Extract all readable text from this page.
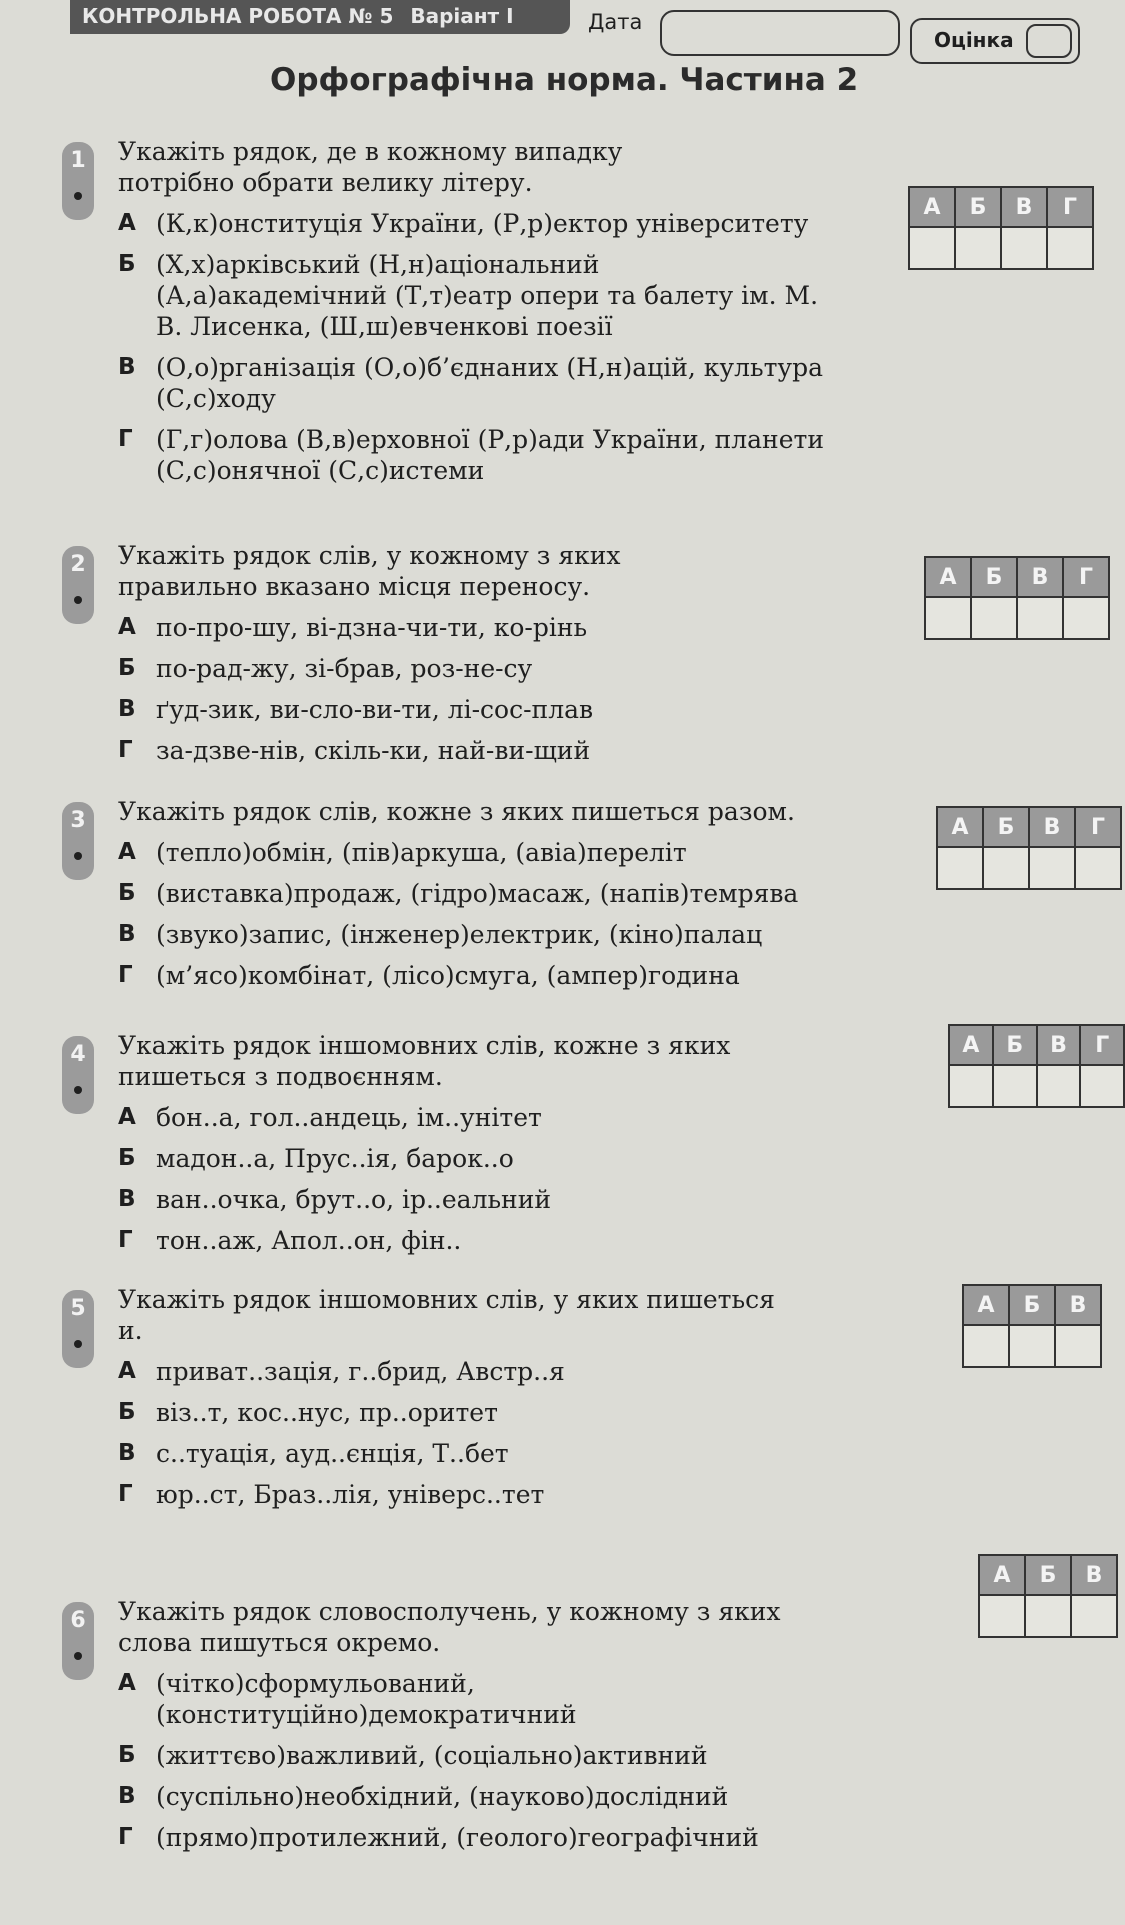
КОНТРОЛЬНА РОБОТА № 5 Варіант І	Дата
Оцінка
Орфографічна норма. Частина 2
1	Укажіть рядок, де в кожному випадку потрібно обрати велику літеру.
А (К,к)онституція України, (Р,р)ектор університету
Б (Х,х)арківський (Н,н)аціональний (А,а)академічний (Т,т)еатр опери та балету ім. М. В. Лисенка, (Ш,ш)евченкові поезії
В (О,о)рганізація (О,о)б’єднаних (Н,н)ацій, культура (С,с)ходу
Г (Г,г)олова (В,в)ерховної (Р,р)ади України, планети (С,с)онячної (С,с)истеми
А	Б	В	Г

2	Укажіть рядок слів, у кожному з яких правильно вказано місця переносу.
А по-про-шу, ві-дзна-чи-ти, ко-рінь
Б по-рад-жу, зі-брав, роз-не-су
В ґуд-зик, ви-сло-ви-ти, лі-сос-плав
Г за-дзве-нів, скіль-ки, най-ви-щий
А	Б	В	Г

3	Укажіть рядок слів, кожне з яких пишеться разом.
А (тепло)обмін, (пів)аркуша, (авіа)переліт
Б (виставка)продаж, (гідро)масаж, (напів)темрява
В (звуко)запис, (інженер)електрик, (кіно)палац
Г (м’ясо)комбінат, (лісо)смуга, (ампер)година
А	Б	В	Г

4	Укажіть рядок іншомовних слів, кожне з яких пишеться з подвоєнням.
А бон..а, гол..андець, ім..унітет
Б мадон..а, Прус..ія, барок..о
В ван..очка, брут..о, ір..еальний
Г тон..аж, Апол..он, фін..
А	Б	В	Г

5	Укажіть рядок іншомовних слів, у яких пишеться и.
А приват..зація, г..брид, Австр..я
Б віз..т, кос..нус, пр..оритет
В с..туація, ауд..єнція, Т..бет
Г юр..ст, Браз..лія, універс..тет
А	Б	В

6	Укажіть рядок словосполучень, у кожному з яких слова пишуться окремо.
А (чітко)сформульований, (конституційно)демократичний
Б (життєво)важливий, (соціально)активний
В (суспільно)необхідний, (науково)дослідний
Г (прямо)протилежний, (геолого)географічний
А	Б	В
